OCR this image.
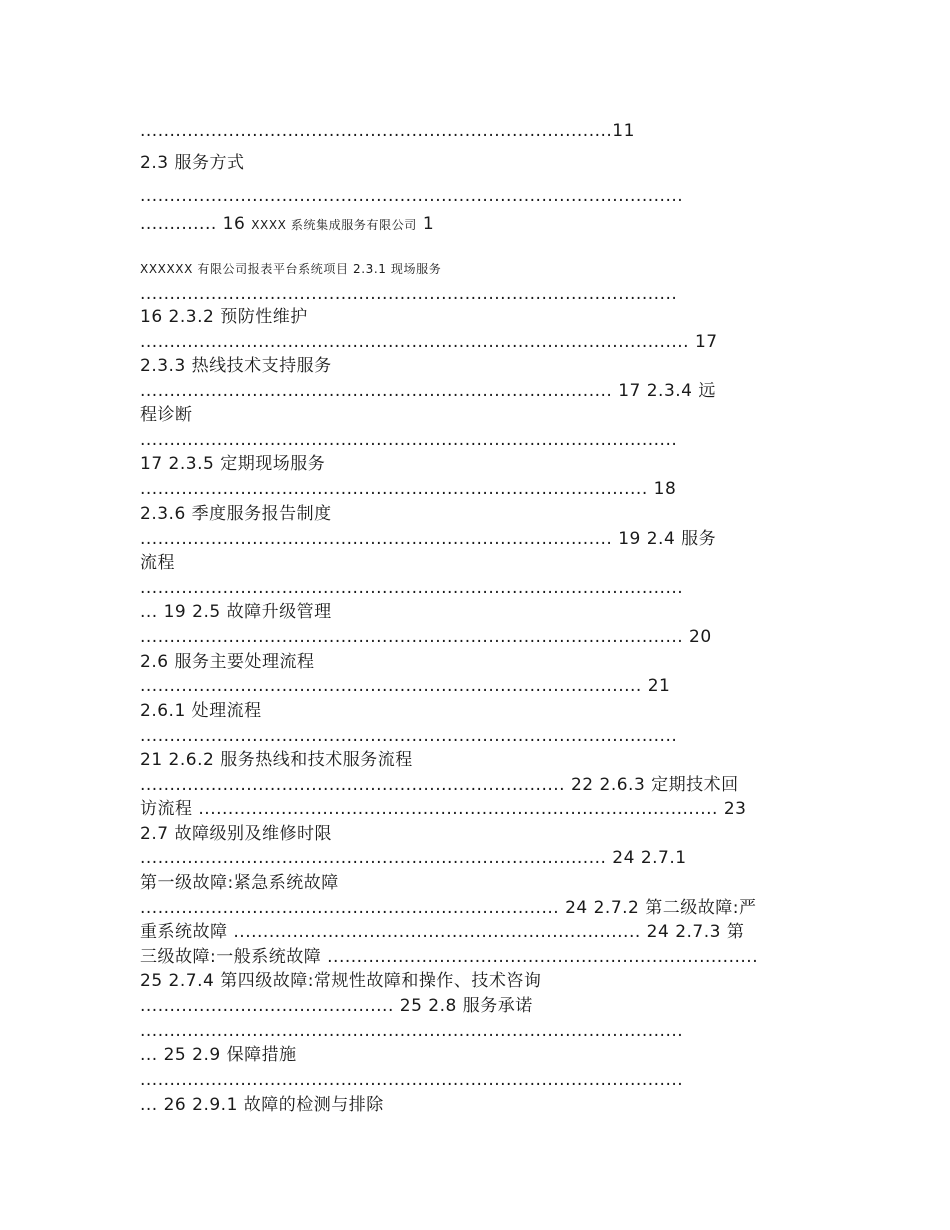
................................................................................11
2.3 服务方式
............................................................................................
............. 16 XXXX 系统集成服务有限公司 1
XXXXXX 有限公司报表平台系统项目 2.3.1 现场服务
...........................................................................................
16 2.3.2 预防性维护
............................................................................................. 17
2.3.3 热线技术支持服务
................................................................................ 17 2.3.4 远
程诊断
...........................................................................................
17 2.3.5 定期现场服务
...................................................................................... 18
2.3.6 季度服务报告制度
................................................................................ 19 2.4 服务
流程
............................................................................................
... 19 2.5 故障升级管理
............................................................................................ 20
2.6 服务主要处理流程
..................................................................................... 21
2.6.1 处理流程
...........................................................................................
21 2.6.2 服务热线和技术服务流程
........................................................................ 22 2.6.3 定期技术回
访流程 ........................................................................................ 23
2.7 故障级别及维修时限
............................................................................... 24 2.7.1
第一级故障:紧急系统故障
....................................................................... 24 2.7.2 第二级故障:严
重系统故障 ..................................................................... 24 2.7.3 第
三级故障:一般系统故障 .........................................................................
25 2.7.4 第四级故障:常规性故障和操作、技术咨询
........................................... 25 2.8 服务承诺
............................................................................................
... 25 2.9 保障措施
............................................................................................
... 26 2.9.1 故障的检测与排除
